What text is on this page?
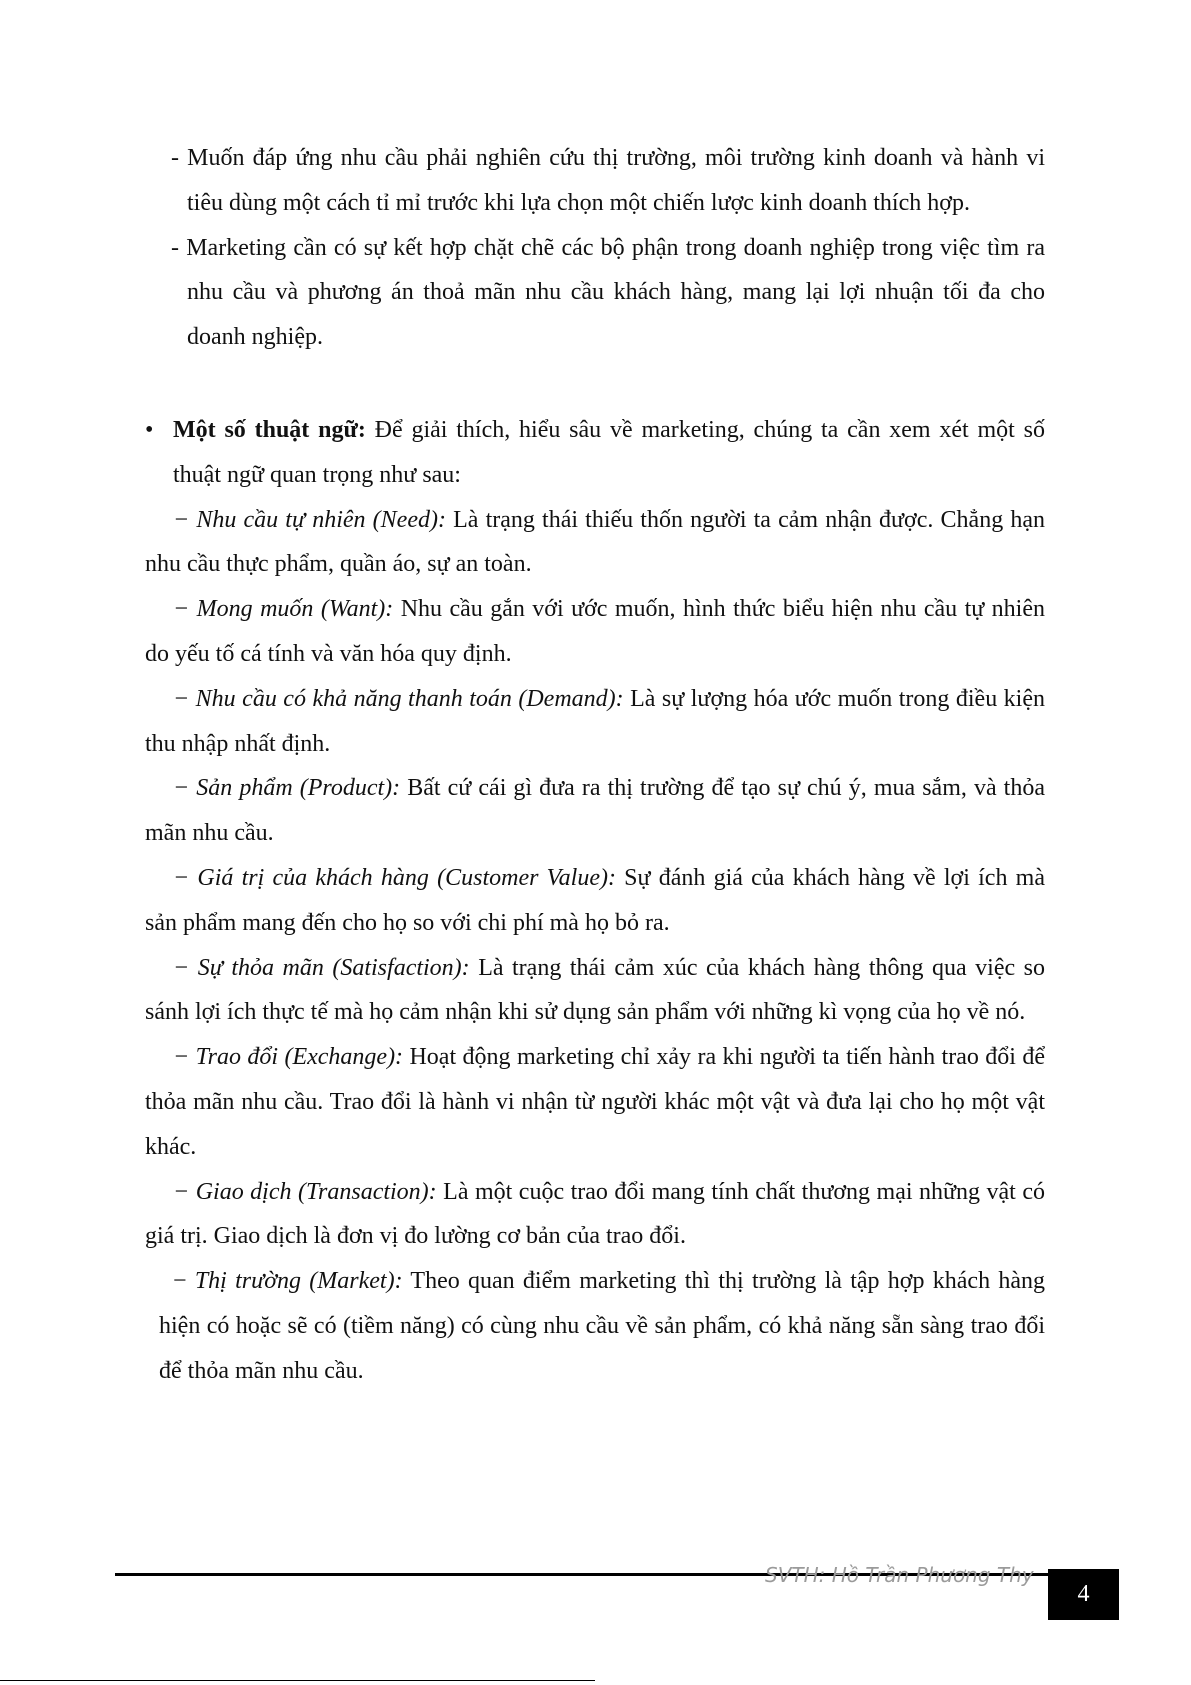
- Muốn đáp ứng nhu cầu phải nghiên cứu thị trường, môi trường kinh doanh và hành vi tiêu dùng một cách tỉ mỉ trước khi lựa chọn một chiến lược kinh doanh thích hợp.

- Marketing cần có sự kết hợp chặt chẽ các bộ phận trong doanh nghiệp trong việc tìm ra nhu cầu và phương án thoả mãn nhu cầu khách hàng, mang lại lợi nhuận tối đa cho doanh nghiệp.

• Một số thuật ngữ: Để giải thích, hiểu sâu về marketing, chúng ta cần xem xét một số thuật ngữ quan trọng như sau:

− Nhu cầu tự nhiên (Need): Là trạng thái thiếu thốn người ta cảm nhận được. Chẳng hạn nhu cầu thực phẩm, quần áo, sự an toàn.

− Mong muốn (Want): Nhu cầu gắn với ước muốn, hình thức biểu hiện nhu cầu tự nhiên do yếu tố cá tính và văn hóa quy định.

− Nhu cầu có khả năng thanh toán (Demand): Là sự lượng hóa ước muốn trong điều kiện thu nhập nhất định.

− Sản phẩm (Product): Bất cứ cái gì đưa ra thị trường để tạo sự chú ý, mua sắm, và thỏa mãn nhu cầu.

− Giá trị của khách hàng (Customer Value): Sự đánh giá của khách hàng về lợi ích mà sản phẩm mang đến cho họ so với chi phí mà họ bỏ ra.

− Sự thỏa mãn (Satisfaction): Là trạng thái cảm xúc của khách hàng thông qua việc so sánh lợi ích thực tế mà họ cảm nhận khi sử dụng sản phẩm với những kì vọng của họ về nó.

− Trao đổi (Exchange): Hoạt động marketing chỉ xảy ra khi người ta tiến hành trao đổi để thỏa mãn nhu cầu. Trao đổi là hành vi nhận từ người khác một vật và đưa lại cho họ một vật khác.

− Giao dịch (Transaction): Là một cuộc trao đổi mang tính chất thương mại những vật có giá trị. Giao dịch là đơn vị đo lường cơ bản của trao đổi.

− Thị trường (Market): Theo quan điểm marketing thì thị trường là tập hợp khách hàng hiện có hoặc sẽ có (tiềm năng) có cùng nhu cầu về sản phẩm, có khả năng sẵn sàng trao đổi để thỏa mãn nhu cầu.

SVTH: Hồ Trần Phương Thy
4
